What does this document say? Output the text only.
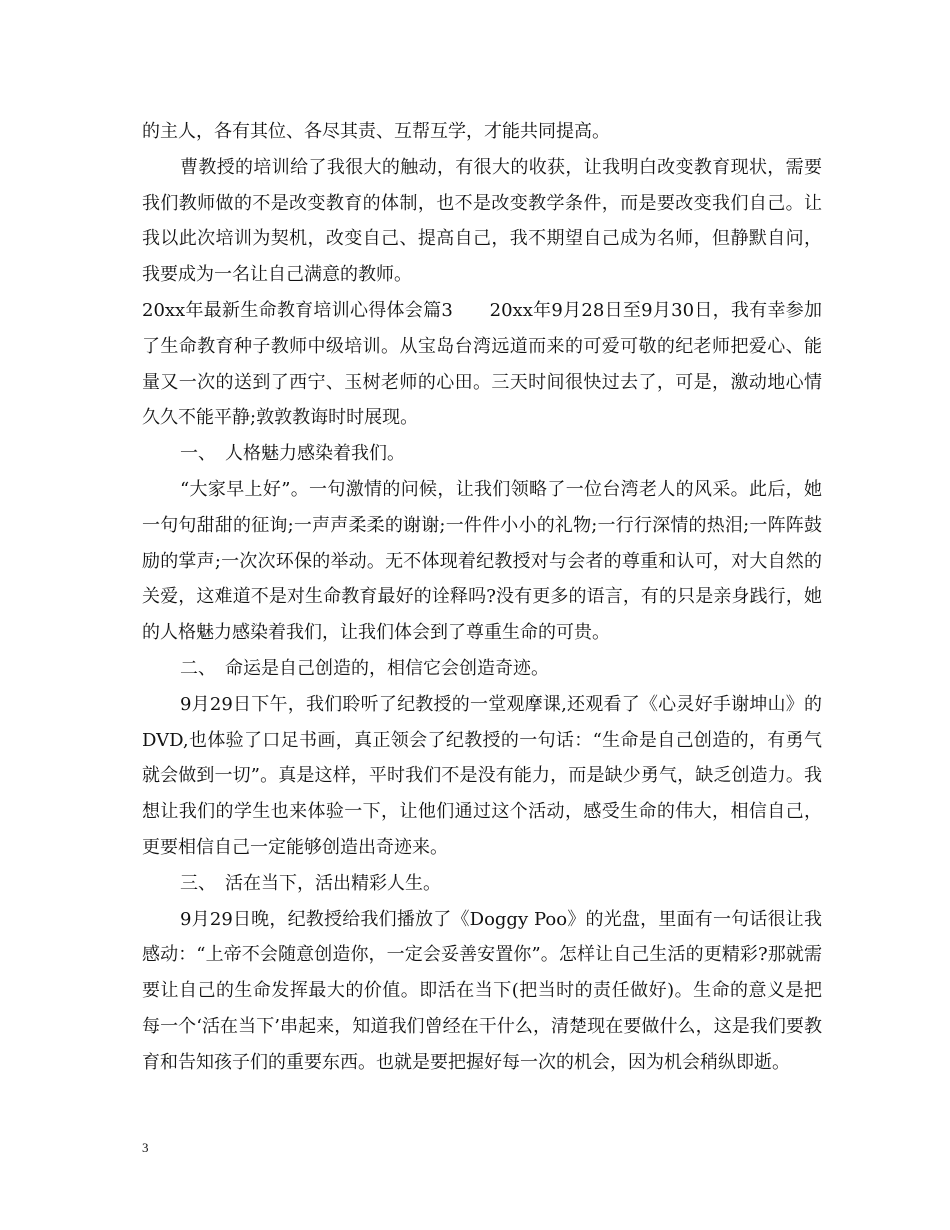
的主人，各有其位、各尽其责、互帮互学，才能共同提高。

曹教授的培训给了我很大的触动，有很大的收获，让我明白改变教育现状，需要我们教师做的不是改变教育的体制，也不是改变教学条件，而是要改变我们自己。让我以此次培训为契机，改变自己、提高自己，我不期望自己成为名师，但静默自问，我要成为一名让自己满意的教师。

20xx年最新生命教育培训心得体会篇3　　20xx年9月28日至9月30日，我有幸参加了生命教育种子教师中级培训。从宝岛台湾远道而来的可爱可敬的纪老师把爱心、能量又一次的送到了西宁、玉树老师的心田。三天时间很快过去了，可是，激动地心情久久不能平静;敦敦教诲时时展现。

一、　人格魅力感染着我们。

“大家早上好”。一句激情的问候，让我们领略了一位台湾老人的风采。此后，她一句句甜甜的征询;一声声柔柔的谢谢;一件件小小的礼物;一行行深情的热泪;一阵阵鼓励的掌声;一次次环保的举动。无不体现着纪教授对与会者的尊重和认可，对大自然的关爱，这难道不是对生命教育最好的诠释吗?没有更多的语言，有的只是亲身践行，她的人格魅力感染着我们，让我们体会到了尊重生命的可贵。

二、　命运是自己创造的，相信它会创造奇迹。

9月29日下午，我们聆听了纪教授的一堂观摩课,还观看了《心灵好手谢坤山》的DVD,也体验了口足书画，真正领会了纪教授的一句话：“生命是自己创造的，有勇气就会做到一切”。真是这样，平时我们不是没有能力，而是缺少勇气，缺乏创造力。我想让我们的学生也来体验一下，让他们通过这个活动，感受生命的伟大，相信自己，更要相信自己一定能够创造出奇迹来。

三、　活在当下，活出精彩人生。

9月29日晚，纪教授给我们播放了《Doggy Poo》的光盘，里面有一句话很让我感动：“上帝不会随意创造你，一定会妥善安置你”。怎样让自己生活的更精彩?那就需要让自己的生命发挥最大的价值。即活在当下(把当时的责任做好)。生命的意义是把每一个‘活在当下’串起来，知道我们曾经在干什么，清楚现在要做什么，这是我们要教育和告知孩子们的重要东西。也就是要把握好每一次的机会，因为机会稍纵即逝。

3
